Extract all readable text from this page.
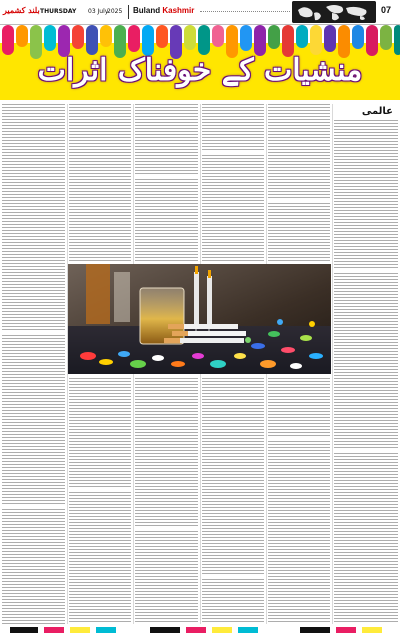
بلند کشمیر THURSDAY 03 July
2025 Buland Kashmir	07
منشیات کے خوفناک اثرات
عالمی
